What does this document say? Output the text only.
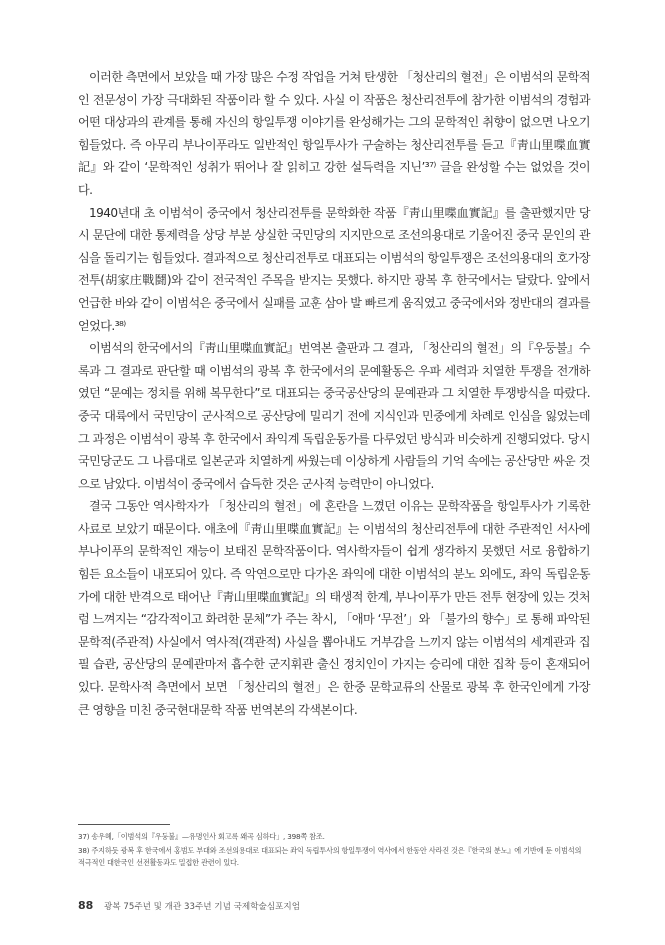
이러한 측면에서 보았을 때 가장 많은 수정 작업을 거쳐 탄생한 「청산리의 혈전」은 이범석의 문학적인 전문성이 가장 극대화된 작품이라 할 수 있다. 사실 이 작품은 청산리전투에 참가한 이범석의 경험과 어떤 대상과의 관계를 통해 자신의 항일투쟁 이야기를 완성해가는 그의 문학적인 취향이 없으면 나오기 힘들었다. 즉 아무리 부나이푸라도 일반적인 항일투사가 구술하는 청산리전투를 듣고『靑山里喋血實記』와 같이 ‘문학적인 성취가 뛰어나 잘 읽히고 강한 설득력을 지닌’³⁷⁾ 글을 완성할 수는 없었을 것이다.

1940년대 초 이범석이 중국에서 청산리전투를 문학화한 작품『靑山里喋血實記』를 출판했지만 당시 문단에 대한 통제력을 상당 부분 상실한 국민당의 지지만으로 조선의용대로 기울어진 중국 문인의 관심을 돌리기는 힘들었다. 결과적으로 청산리전투로 대표되는 이범석의 항일투쟁은 조선의용대의 호가장전투(胡家庄戰鬪)와 같이 전국적인 주목을 받지는 못했다. 하지만 광복 후 한국에서는 달랐다. 앞에서 언급한 바와 같이 이범석은 중국에서 실패를 교훈 삼아 발 빠르게 움직였고 중국에서와 정반대의 결과를 얻었다.³⁸⁾

이범석의 한국에서의『靑山里喋血實記』번역본 출판과 그 결과, 「청산리의 혈전」의『우둥불』수록과 그 결과로 판단할 때 이범석의 광복 후 한국에서의 문예활동은 우파 세력과 치열한 투쟁을 전개하였던 “문예는 정치를 위해 복무한다”로 대표되는 중국공산당의 문예관과 그 치열한 투쟁방식을 따랐다. 중국 대륙에서 국민당이 군사적으로 공산당에 밀리기 전에 지식인과 민중에게 차례로 인심을 잃었는데 그 과정은 이범석이 광복 후 한국에서 좌익계 독립운동가를 다루었던 방식과 비슷하게 진행되었다. 당시 국민당군도 그 나름대로 일본군과 치열하게 싸웠는데 이상하게 사람들의 기억 속에는 공산당만 싸운 것으로 남았다. 이범석이 중국에서 습득한 것은 군사적 능력만이 아니었다.

결국 그동안 역사학자가 「청산리의 혈전」에 혼란을 느꼈던 이유는 문학작품을 항일투사가 기록한 사료로 보았기 때문이다. 애초에『靑山里喋血實記』는 이범석의 청산리전투에 대한 주관적인 서사에 부나이푸의 문학적인 재능이 보태진 문학작품이다. 역사학자들이 쉽게 생각하지 못했던 서로 융합하기 힘든 요소들이 내포되어 있다. 즉 악연으로만 다가온 좌익에 대한 이범석의 분노 외에도, 좌익 독립운동가에 대한 반격으로 태어난『靑山里喋血實記』의 태생적 한계, 부나이푸가 만든 전투 현장에 있는 것처럼 느껴지는 “감각적이고 화려한 문체”가 주는 착시, 「애마 ‘무전’」와 「불가의 향수」로 통해 파악된 문학적(주관적) 사실에서 역사적(객관적) 사실을 뽑아내도 거부감을 느끼지 않는 이범석의 세계관과 집필 습관, 공산당의 문예관마저 흡수한 군지휘관 출신 정치인이 가지는 승리에 대한 집착 등이 혼재되어 있다. 문학사적 측면에서 보면 「청산리의 혈전」은 한중 문학교류의 산물로 광복 후 한국인에게 가장 큰 영향을 미친 중국현대문학 작품 번역본의 각색본이다.

37) 송우혜,「이범석의『우둥불』—유명인사 회고록 왜곡 심하다」, 398쪽 참조.

38) 주지하듯 광복 후 한국에서 홍범도 부대와 조선의용대로 대표되는 좌익 독립투사의 항일투쟁이 역사에서 한동안 사라진 것은『한국의 분노』에 기반에 둔 이범석의 적극적인 대한국인 선전활동과도 밀접한 관련이 있다.

88 광복 75주년 및 개관 33주년 기념 국제학술심포지엄
